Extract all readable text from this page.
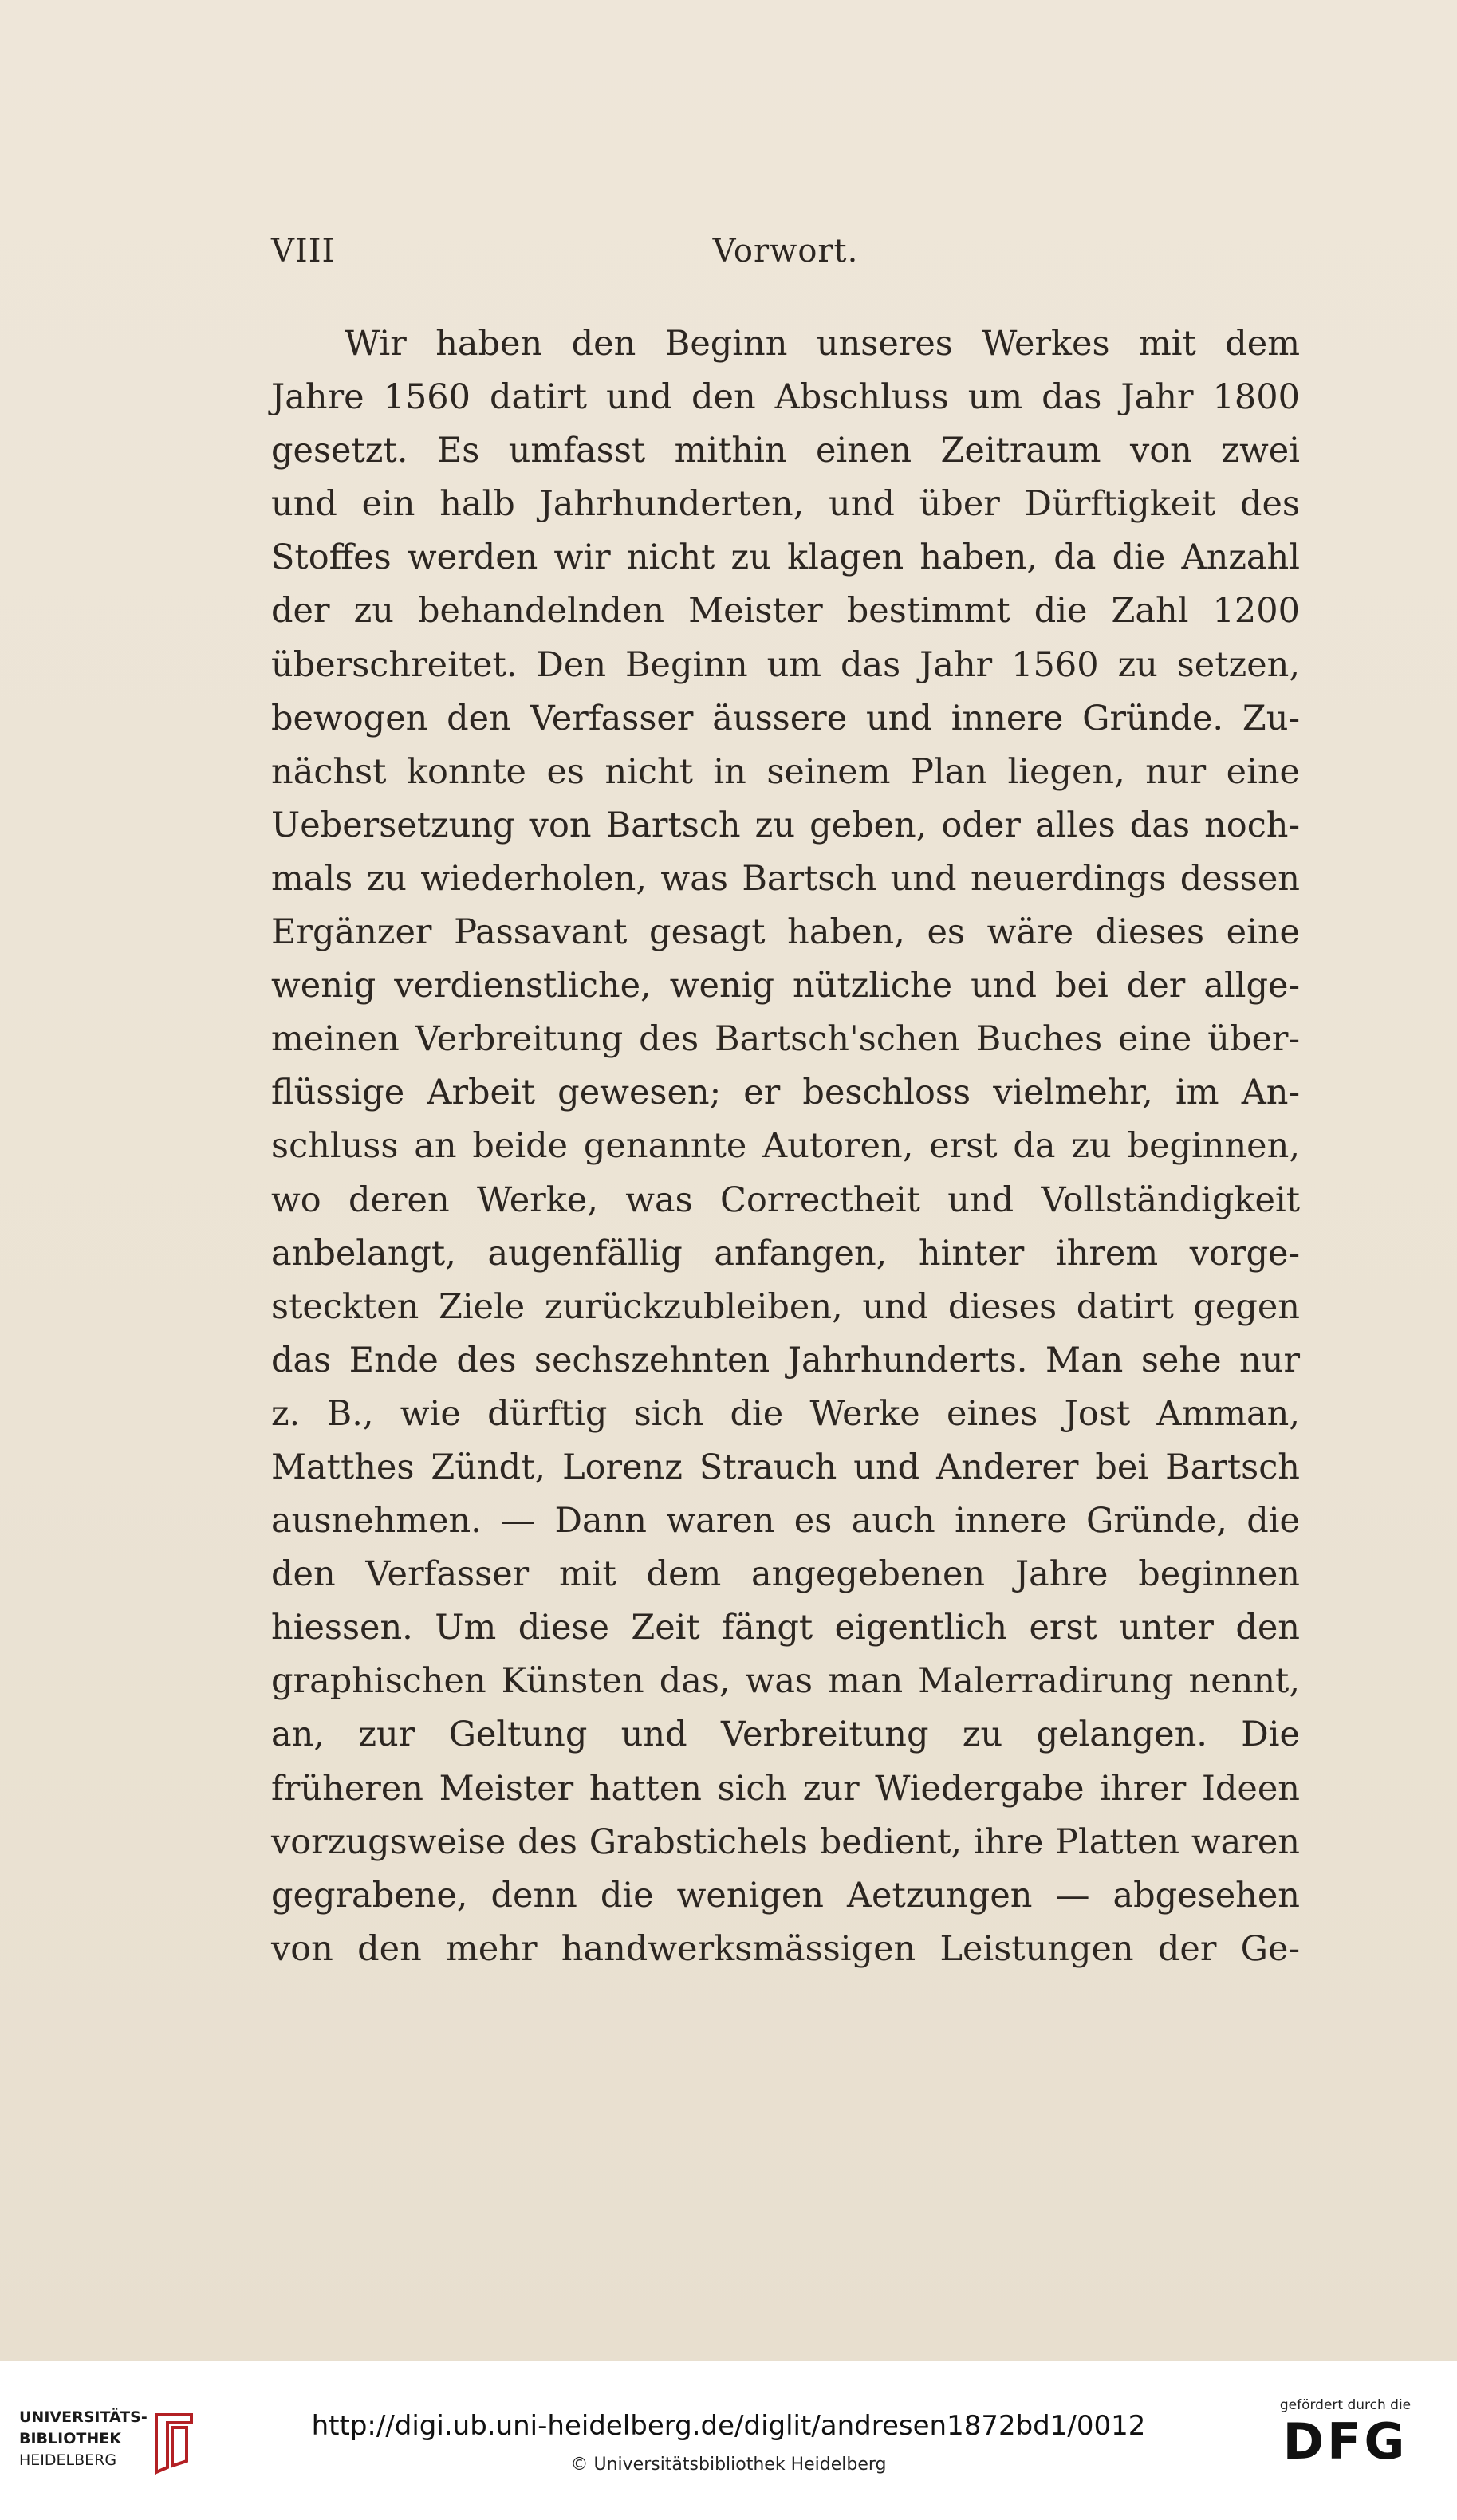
VIII	Vorwort.
Wir haben den Beginn unseres Werkes mit dem
Jahre 1560 datirt und den Abschluss um das Jahr 1800
gesetzt. Es umfasst mithin einen Zeitraum von zwei
und ein halb Jahrhunderten, und über Dürftigkeit des
Stoffes werden wir nicht zu klagen haben, da die Anzahl
der zu behandelnden Meister bestimmt die Zahl 1200
überschreitet. Den Beginn um das Jahr 1560 zu setzen,
bewogen den Verfasser äussere und innere Gründe. Zu-
nächst konnte es nicht in seinem Plan liegen, nur eine
Uebersetzung von Bartsch zu geben, oder alles das noch-
mals zu wiederholen, was Bartsch und neuerdings dessen
Ergänzer Passavant gesagt haben, es wäre dieses eine
wenig verdienstliche, wenig nützliche und bei der allge-
meinen Verbreitung des Bartsch'schen Buches eine über-
flüssige Arbeit gewesen; er beschloss vielmehr, im An-
schluss an beide genannte Autoren, erst da zu beginnen,
wo deren Werke, was Correctheit und Vollständigkeit
anbelangt, augenfällig anfangen, hinter ihrem vorge-
steckten Ziele zurückzubleiben, und dieses datirt gegen
das Ende des sechszehnten Jahrhunderts. Man sehe nur
z. B., wie dürftig sich die Werke eines Jost Amman,
Matthes Zündt, Lorenz Strauch und Anderer bei Bartsch
ausnehmen. — Dann waren es auch innere Gründe, die
den Verfasser mit dem angegebenen Jahre beginnen
hiessen. Um diese Zeit fängt eigentlich erst unter den
graphischen Künsten das, was man Malerradirung nennt,
an, zur Geltung und Verbreitung zu gelangen. Die
früheren Meister hatten sich zur Wiedergabe ihrer Ideen
vorzugsweise des Grabstichels bedient, ihre Platten waren
gegrabene, denn die wenigen Aetzungen — abgesehen
von den mehr handwerksmässigen Leistungen der Ge-
UNIVERSITÄTS-
BIBLIOTHEK
HEIDELBERG
http://digi.ub.uni-heidelberg.de/diglit/andresen1872bd1/0012
© Universitätsbibliothek Heidelberg
gefördert durch die
DFG
